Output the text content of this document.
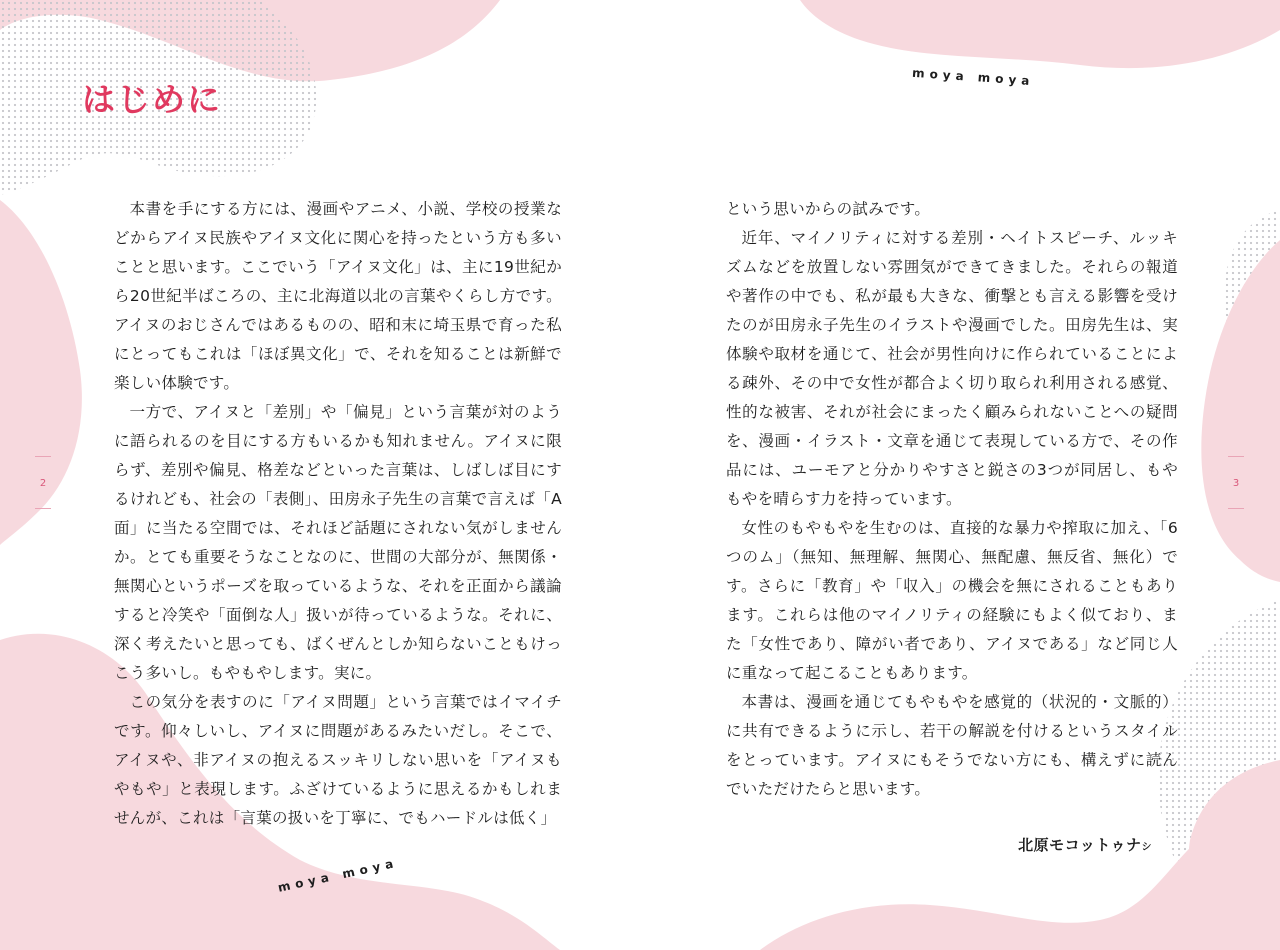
はじめに
moya moya
moya moya

本書を手にする方には、漫画やアニメ、小説、学校の授業などからアイヌ民族やアイヌ文化に関心を持ったという方も多いことと思います。ここでいう「アイヌ文化」は、主に19世紀から20世紀半ばころの、主に北海道以北の言葉やくらし方です。アイヌのおじさんではあるものの、昭和末に埼玉県で育った私にとってもこれは「ほぼ異文化」で、それを知ることは新鮮で楽しい体験です。

一方で、アイヌと「差別」や「偏見」という言葉が対のように語られるのを目にする方もいるかも知れません。アイヌに限らず、差別や偏見、格差などといった言葉は、しばしば目にするけれども、社会の「表側」、田房永子先生の言葉で言えば「A面」に当たる空間では、それほど話題にされない気がしませんか。とても重要そうなことなのに、世間の大部分が、無関係・無関心というポーズを取っているような、それを正面から議論すると冷笑や「面倒な人」扱いが待っているような。それに、深く考えたいと思っても、ばくぜんとしか知らないこともけっこう多いし。もやもやします。実に。

この気分を表すのに「アイヌ問題」という言葉ではイマイチです。仰々しいし、アイヌに問題があるみたいだし。そこで、アイヌや、非アイヌの抱えるスッキリしない思いを「アイヌもやもや」と表現します。ふざけているように思えるかもしれませんが、これは「言葉の扱いを丁寧に、でもハードルは低く」

という思いからの試みです。

近年、マイノリティに対する差別・ヘイトスピーチ、ルッキズムなどを放置しない雰囲気ができてきました。それらの報道や著作の中でも、私が最も大きな、衝撃とも言える影響を受けたのが田房永子先生のイラストや漫画でした。田房先生は、実体験や取材を通じて、社会が男性向けに作られていることによる疎外、その中で女性が都合よく切り取られ利用される感覚、性的な被害、それが社会にまったく顧みられないことへの疑問を、漫画・イラスト・文章を通じて表現している方で、その作品には、ユーモアと分かりやすさと鋭さの3つが同居し、もやもやを晴らす力を持っています。

女性のもやもやを生むのは、直接的な暴力や搾取に加え、「6つのム」（無知、無理解、無関心、無配慮、無反省、無化）です。さらに「教育」や「収入」の機会を無にされることもあります。これらは他のマイノリティの経験にもよく似ており、また「女性であり、障がい者であり、アイヌである」など同じ人に重なって起こることもあります。

本書は、漫画を通じてもやもやを感覚的（状況的・文脈的）に共有できるように示し、若干の解説を付けるというスタイルをとっています。アイヌにもそうでない方にも、構えずに読んでいただけたらと思います。

北原モコットゥナシ
2	3
